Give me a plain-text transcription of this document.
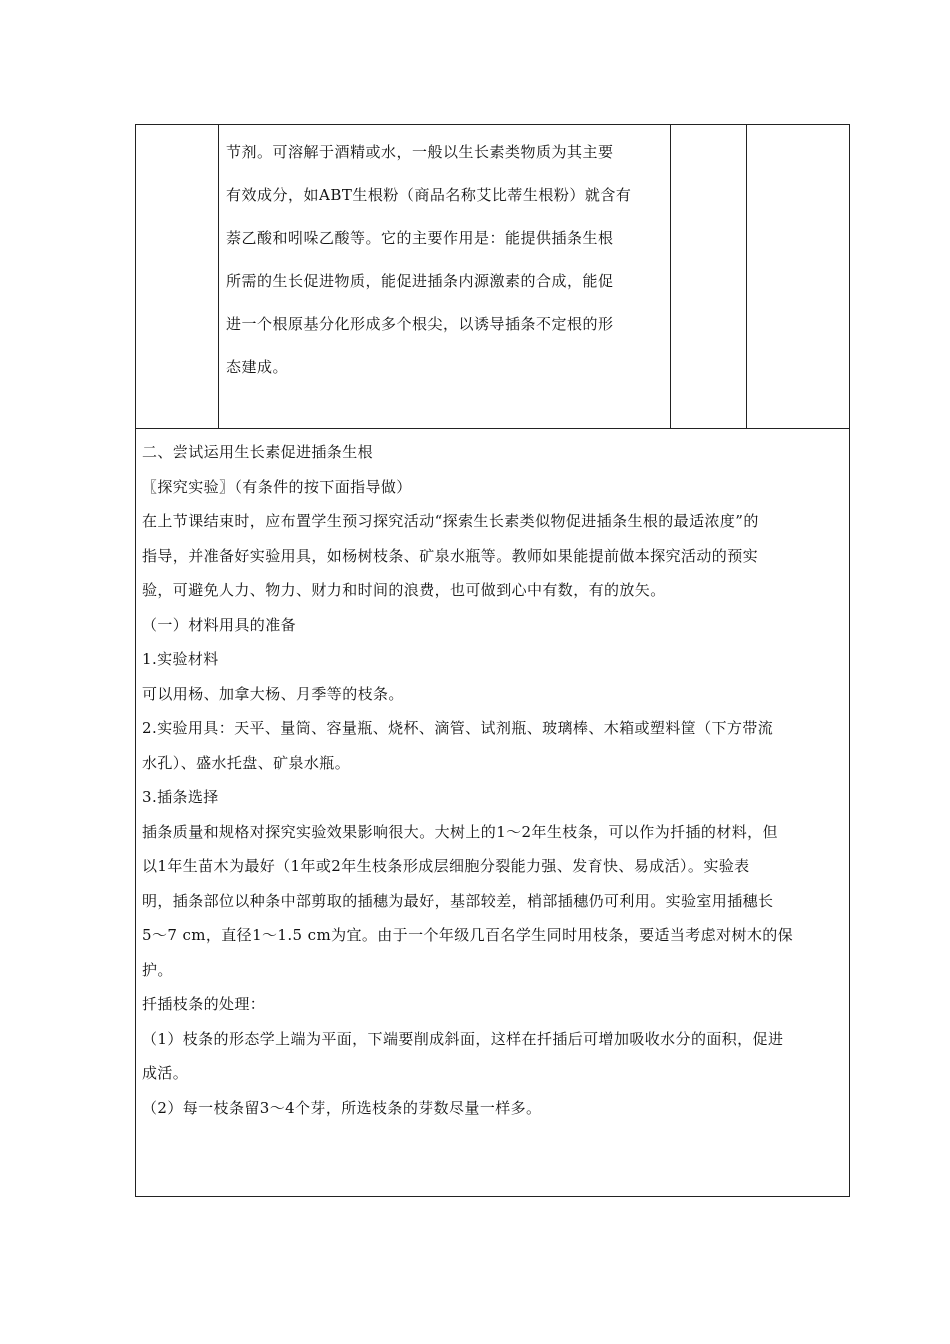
节剂。可溶解于酒精或水，一般以生长素类物质为其主要
有效成分，如ABT生根粉（商品名称艾比蒂生根粉）就含有
萘乙酸和吲哚乙酸等。它的主要作用是：能提供插条生根
所需的生长促进物质，能促进插条内源激素的合成，能促
进一个根原基分化形成多个根尖，以诱导插条不定根的形
态建成。

二、尝试运用生长素促进插条生根
〖探究实验〗（有条件的按下面指导做）
在上节课结束时，应布置学生预习探究活动“探索生长素类似物促进插条生根的最适浓度”的
指导，并准备好实验用具，如杨树枝条、矿泉水瓶等。教师如果能提前做本探究活动的预实
验，可避免人力、物力、财力和时间的浪费，也可做到心中有数，有的放矢。
（一）材料用具的准备
1.实验材料
可以用杨、加拿大杨、月季等的枝条。
2.实验用具：天平、量筒、容量瓶、烧杯、滴管、试剂瓶、玻璃棒、木箱或塑料筐（下方带流
水孔）、盛水托盘、矿泉水瓶。
3.插条选择
插条质量和规格对探究实验效果影响很大。大树上的1～2年生枝条，可以作为扦插的材料，但
以1年生苗木为最好（1年或2年生枝条形成层细胞分裂能力强、发育快、易成活）。实验表
明，插条部位以种条中部剪取的插穗为最好，基部较差，梢部插穗仍可利用。实验室用插穗长
5～7 cm，直径1～1.5 cm为宜。由于一个年级几百名学生同时用枝条，要适当考虑对树木的保
护。
扦插枝条的处理：
（1）枝条的形态学上端为平面，下端要削成斜面，这样在扦插后可增加吸收水分的面积，促进
成活。
（2）每一枝条留3～4个芽，所选枝条的芽数尽量一样多。
